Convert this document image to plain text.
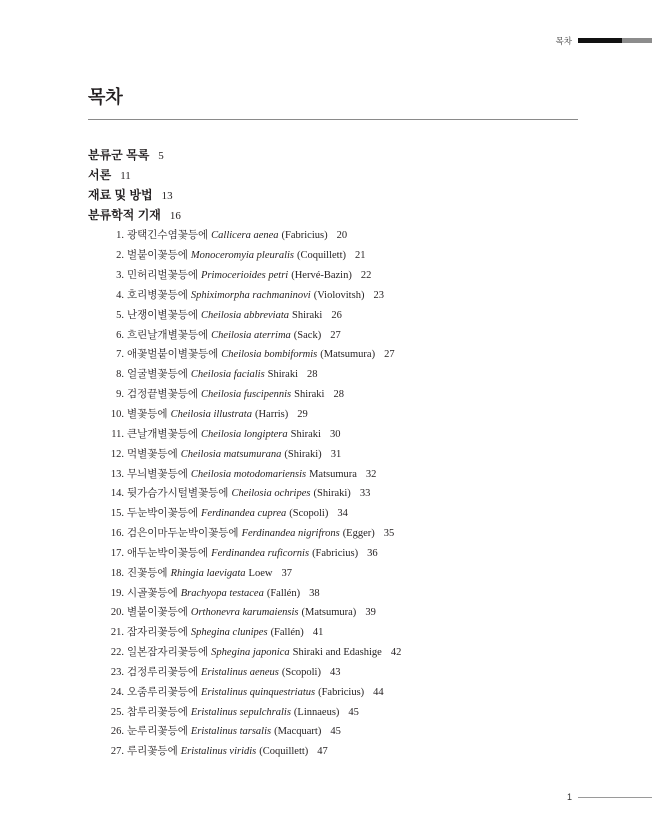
목차
목차
분류군 목록 5
서론 11
재료 및 방법 13
분류학적 기재 16
1. 광택긴수염꽃등에 Callicera aenea (Fabricius) 20
2. 벌붙이꽃등에 Monoceromyia pleuralis (Coquillett) 21
3. 민허리벌꽃등에 Primocerioides petri (Hervé-Bazin) 22
4. 호리병꽃등에 Sphiximorpha rachmaninovi (Violovitsh) 23
5. 난쟁이별꽃등에 Cheilosia abbreviata Shiraki 26
6. 흐린날개별꽃등에 Cheilosia aterrima (Sack) 27
7. 애꽃벌붙이별꽃등에 Cheilosia bombiformis (Matsumura) 27
8. 얼굴별꽃등에 Cheilosia facialis Shiraki 28
9. 검정끝별꽃등에 Cheilosia fuscipennis Shiraki 28
10. 별꽃등에 Cheilosia illustrata (Harris) 29
11. 큰날개별꽃등에 Cheilosia longiptera Shiraki 30
12. 먹별꽃등에 Cheilosia matsumurana (Shiraki) 31
13. 무늬별꽃등에 Cheilosia motodomariensis Matsumura 32
14. 뒷가슴가시털별꽃등에 Cheilosia ochripes (Shiraki) 33
15. 두눈박이꽃등에 Ferdinandea cuprea (Scopoli) 34
16. 검은이마두눈박이꽃등에 Ferdinandea nigrifrons (Egger) 35
17. 애두눈박이꽃등에 Ferdinandea ruficornis (Fabricius) 36
18. 진꽃등에 Rhingia laevigata Loew 37
19. 시골꽃등에 Brachyopa testacea (Fallén) 38
20. 별붙이꽃등에 Orthonevra karumaiensis (Matsumura) 39
21. 잠자리꽃등에 Sphegina clunipes (Fallén) 41
22. 일본잠자리꽃등에 Sphegina japonica Shiraki and Edashige 42
23. 검정루리꽃등에 Eristalinus aeneus (Scopoli) 43
24. 오줌루리꽃등에 Eristalinus quinquestriatus (Fabricius) 44
25. 참루리꽃등에 Eristalinus sepulchralis (Linnaeus) 45
26. 눈루리꽃등에 Eristalinus tarsalis (Macquart) 45
27. 루리꽃등에 Eristalinus viridis (Coquillett) 47
1
